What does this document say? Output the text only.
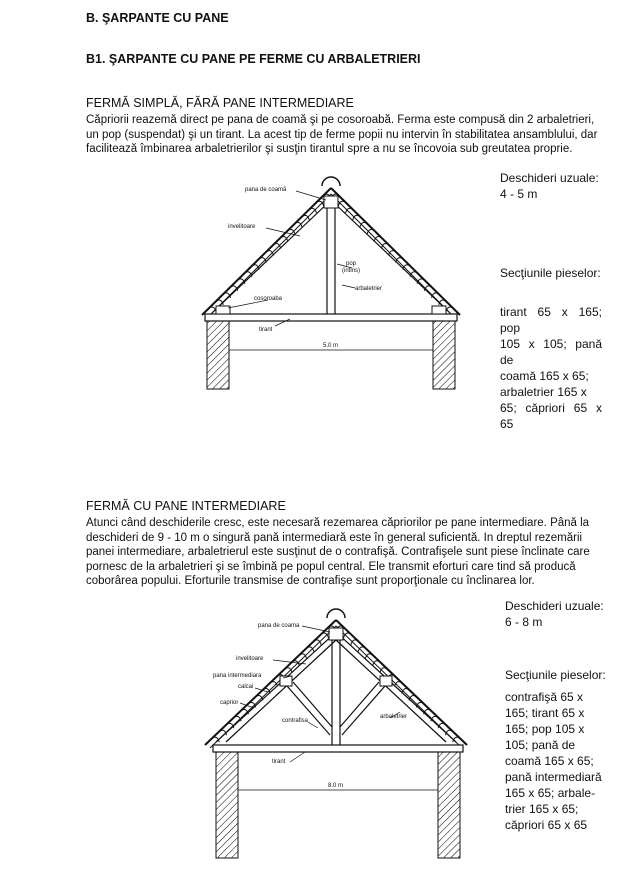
B. ŞARPANTE CU PANE
B1. ŞARPANTE CU PANE PE FERME CU ARBALETRIERI
FERMĂ SIMPLĂ, FĂRĂ PANE INTERMEDIARE
Căpriorii reazemă direct pe pana de coamă şi pe cosoroabă. Ferma este compusă din 2 arbaletrieri,
un pop (suspendat) şi un tirant. La acest tip de ferme popii nu intervin în stabilitatea ansamblului, dar
facilitează îmbinarea arbaletrierilor şi susţin tirantul spre a nu se încovoia sub greutatea proprie.
Deschideri uzuale:
4 - 5 m
Secţiunile pieselor:
tirant 65 x 165; pop
105 x 105; pană de
coamă 165 x 65;
arbaletrier 165 x
65; căpriori 65 x 65
pana de coamă
invelitoare
pop
(intins)
arbaletrier
cosoroaba
tirant
5.0 m
pana de coama
invelitoare
pana intermediara
calcai
caprior
contrafisa
arbaletrier
tirant
8.0 m
FERMĂ CU PANE INTERMEDIARE
Atunci când deschiderile cresc, este necesară rezemarea căpriorilor pe pane intermediare. Până la
deschideri de 9 - 10 m o singură pană intermediară este în general suficientă. In dreptul rezemării
panei intermediare, arbaletrierul este susţinut de o contrafişă. Contrafişele sunt piese înclinate care
pornesc de la arbaletrieri şi se îmbină pe popul central. Ele transmit eforturi care tind să producă
coborârea popului. Eforturile transmise de contrafişe sunt proporţionale cu înclinarea lor.
Deschideri uzuale:
6 - 8 m
Secţiunile pieselor:
contrafişă 65 x
165; tirant 65 x
165; pop 105 x
105; pană de
coamă 165 x 65;
pană intermediară
165 x 65; arbale-
trier 165 x 65;
căpriori 65 x 65
